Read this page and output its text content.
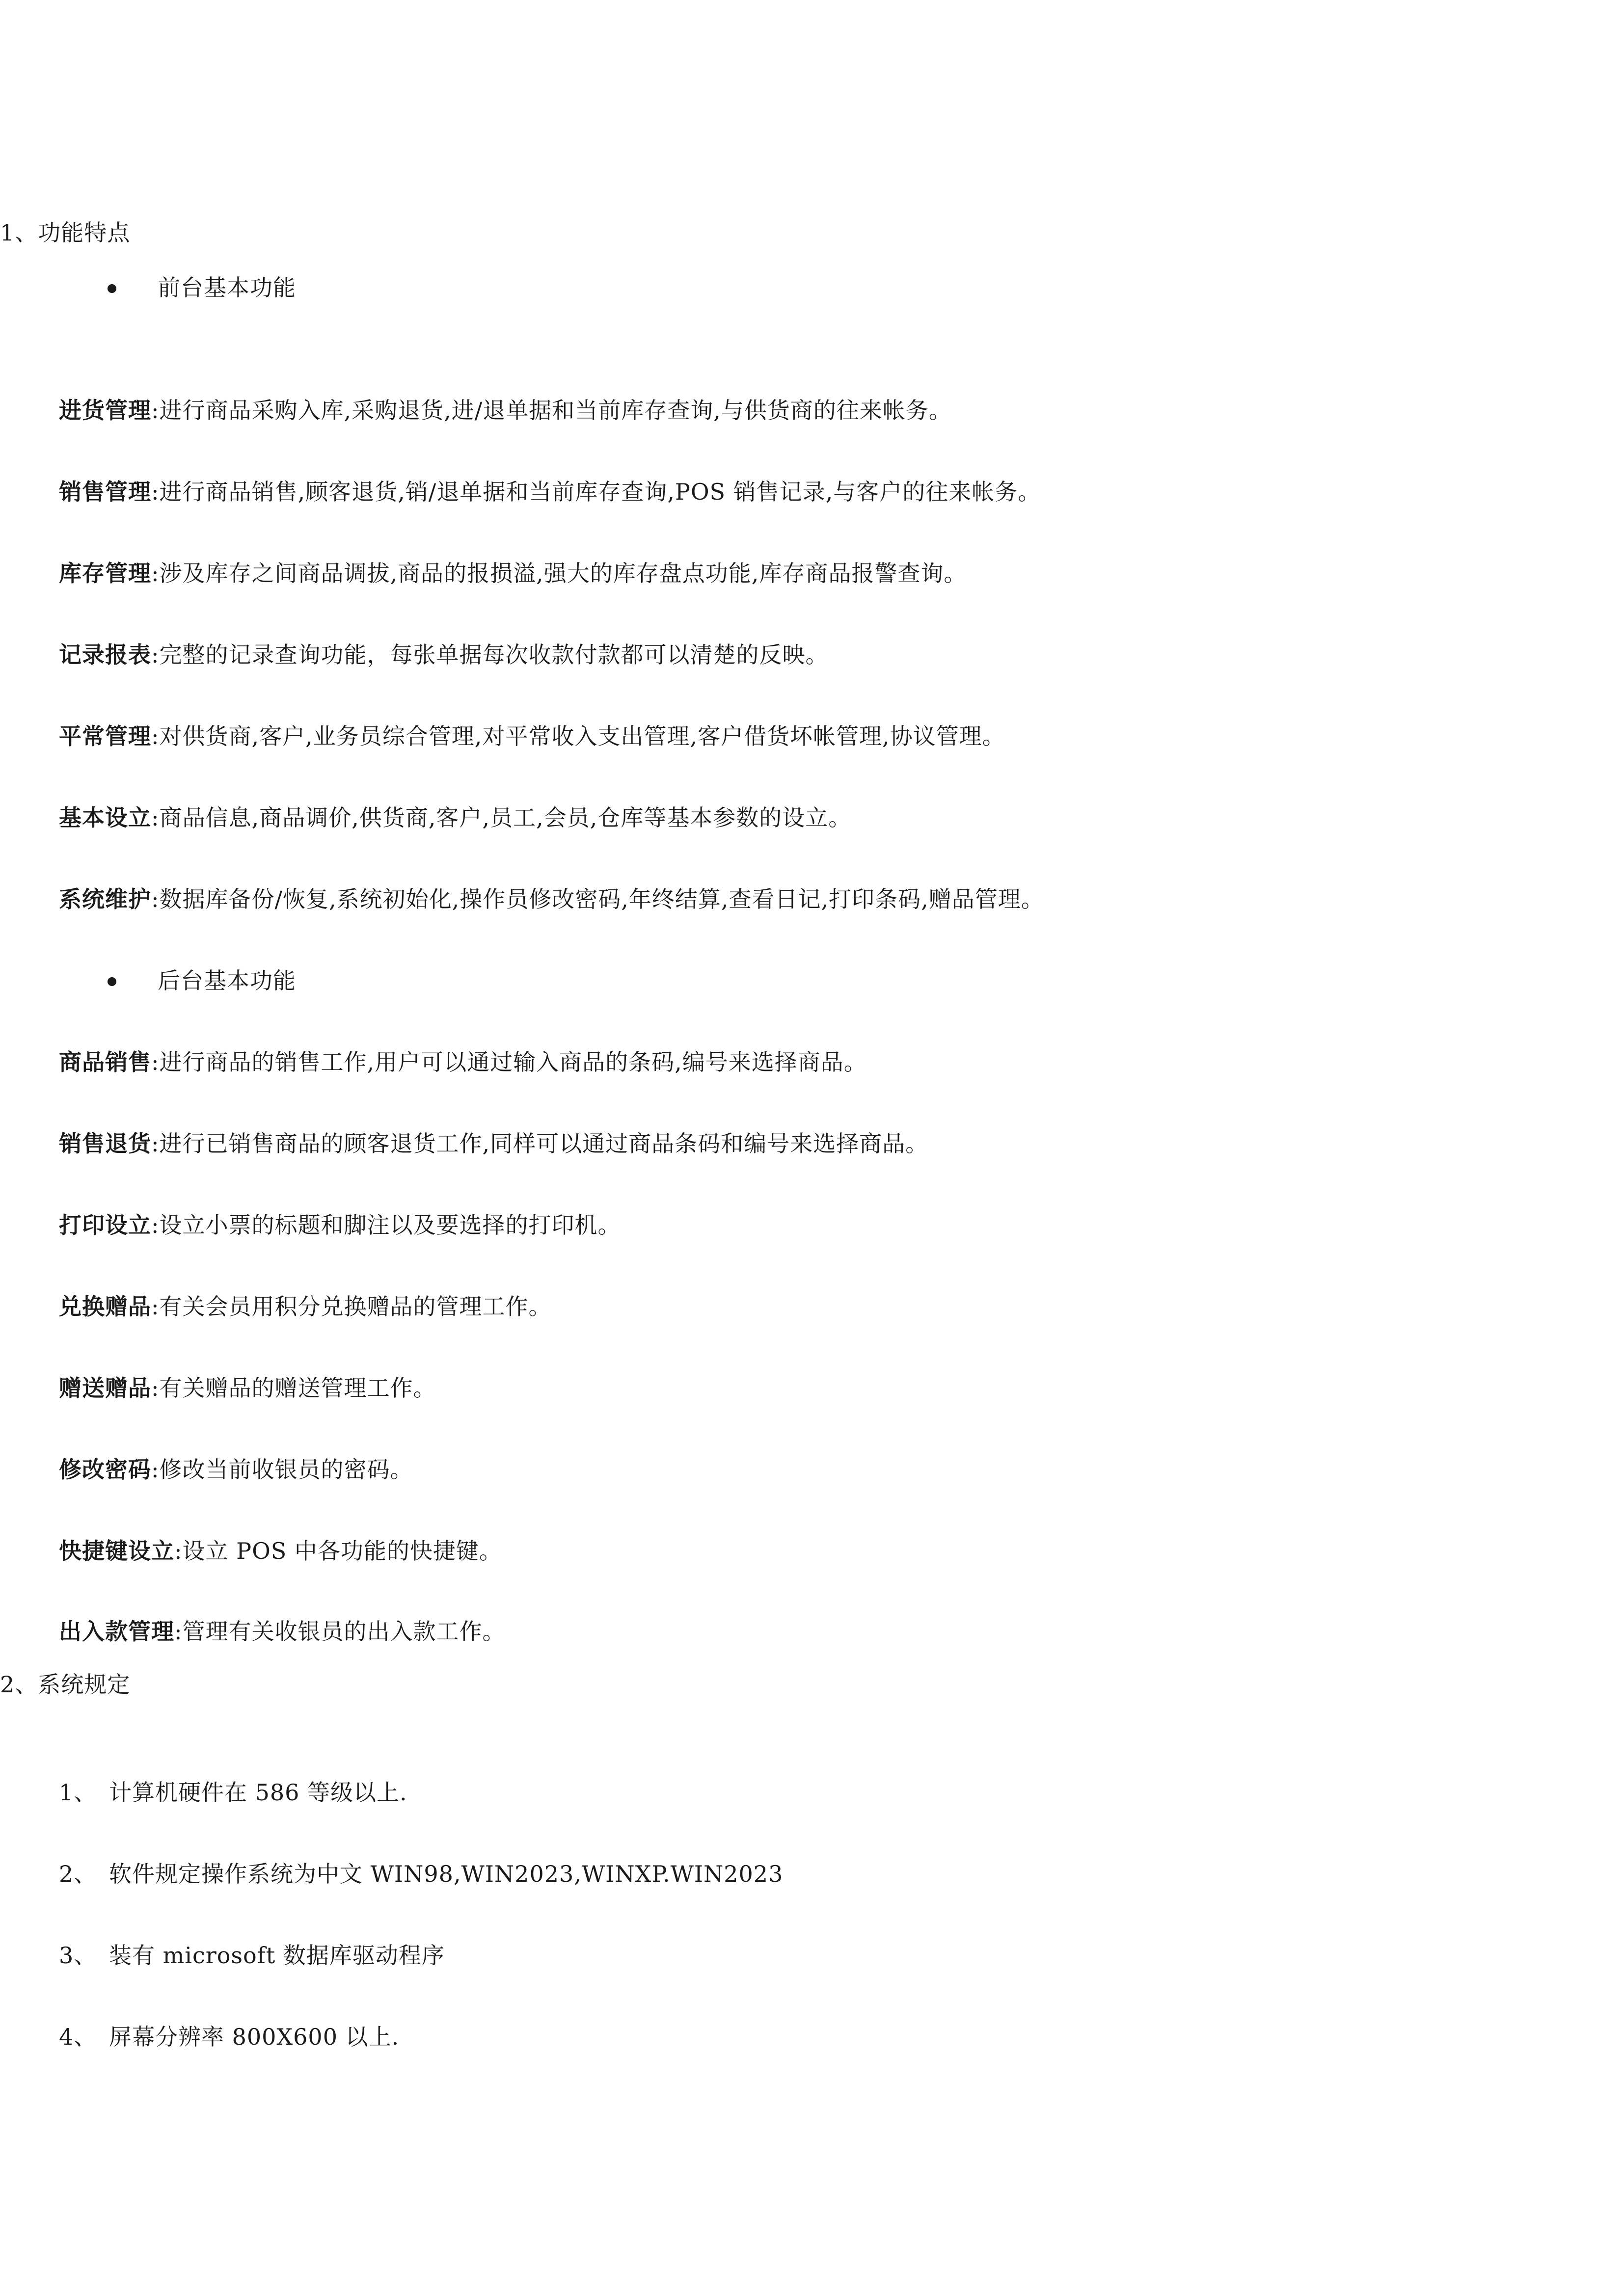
1、功能特点
前台基本功能
进货管理:进行商品采购入库,采购退货,进/退单据和当前库存查询,与供货商的往来帐务。
销售管理:进行商品销售,顾客退货,销/退单据和当前库存查询,POS 销售记录,与客户的往来帐务。
库存管理:涉及库存之间商品调拔,商品的报损溢,强大的库存盘点功能,库存商品报警查询。
记录报表:完整的记录查询功能，每张单据每次收款付款都可以清楚的反映。
平常管理:对供货商,客户,业务员综合管理,对平常收入支出管理,客户借货坏帐管理,协议管理。
基本设立:商品信息,商品调价,供货商,客户,员工,会员,仓库等基本参数的设立。
系统维护:数据库备份/恢复,系统初始化,操作员修改密码,年终结算,查看日记,打印条码,赠品管理。
后台基本功能
商品销售:进行商品的销售工作,用户可以通过输入商品的条码,编号来选择商品。
销售退货:进行已销售商品的顾客退货工作,同样可以通过商品条码和编号来选择商品。
打印设立:设立小票的标题和脚注以及要选择的打印机。
兑换赠品:有关会员用积分兑换赠品的管理工作。
赠送赠品:有关赠品的赠送管理工作。
修改密码:修改当前收银员的密码。
快捷键设立:设立 POS 中各功能的快捷键。
出入款管理:管理有关收银员的出入款工作。
2、系统规定
1、 计算机硬件在 586 等级以上.
2、 软件规定操作系统为中文 WIN98,WIN2023,WINXP.WIN2023
3、 装有 microsoft 数据库驱动程序
4、 屏幕分辨率 800X600 以上.
